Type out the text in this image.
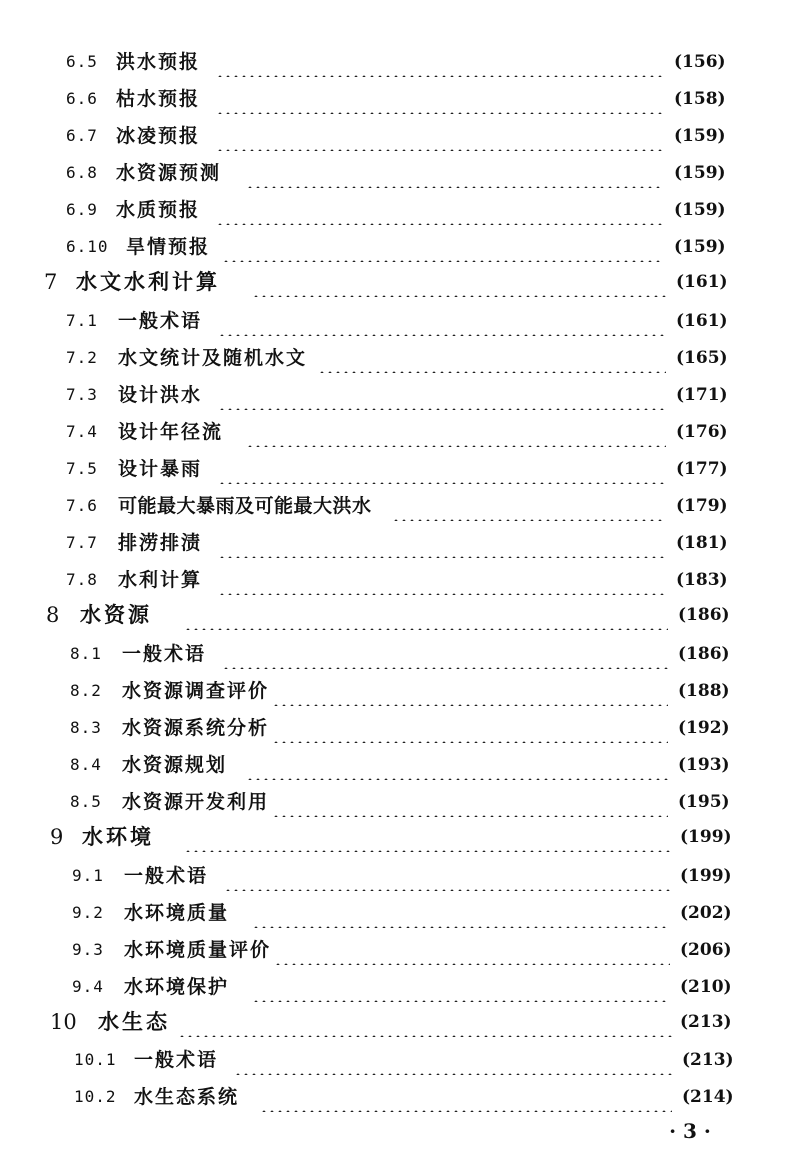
6.5 洪水预报	(156)
6.6 枯水预报	(158)
6.7 冰凌预报	(159)
6.8 水资源预测	(159)
6.9 水质预报	(159)
6.10 旱情预报	(159)
7 水文水利计算	(161)
7.1 一般术语	(161)
7.2 水文统计及随机水文	(165)
7.3 设计洪水	(171)
7.4 设计年径流	(176)
7.5 设计暴雨	(177)
7.6 可能最大暴雨及可能最大洪水	(179)
7.7 排涝排渍	(181)
7.8 水利计算	(183)
8 水资源	(186)
8.1 一般术语	(186)
8.2 水资源调查评价	(188)
8.3 水资源系统分析	(192)
8.4 水资源规划	(193)
8.5 水资源开发利用	(195)
9 水环境	(199)
9.1 一般术语	(199)
9.2 水环境质量	(202)
9.3 水环境质量评价	(206)
9.4 水环境保护	(210)
10 水生态	(213)
10.1 一般术语	(213)
10.2 水生态系统	(214)
· 3 ·
